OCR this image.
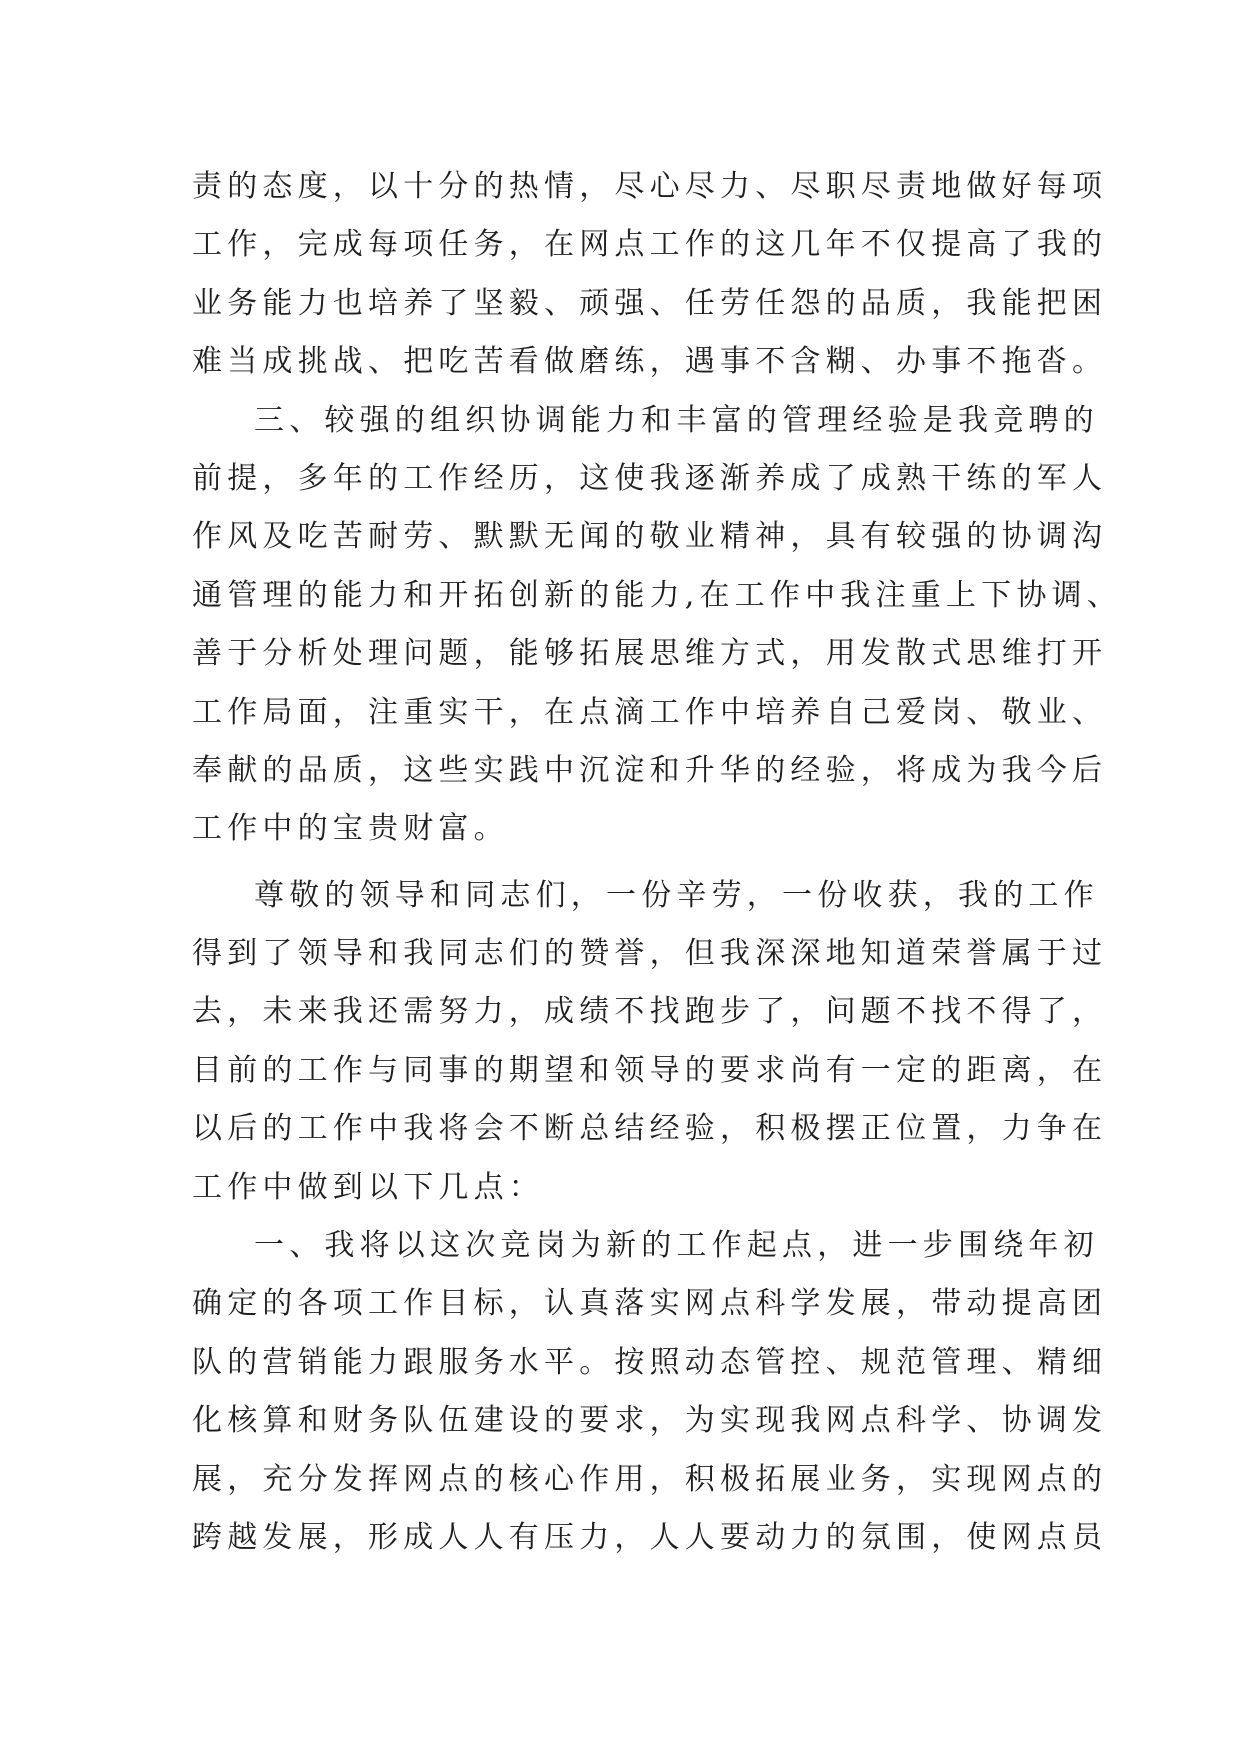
责的态度，以十分的热情，尽心尽力、尽职尽责地做好每项
工作，完成每项任务，在网点工作的这几年不仅提高了我的
业务能力也培养了坚毅、顽强、任劳任怨的品质，我能把困
难当成挑战、把吃苦看做磨练，遇事不含糊、办事不拖沓。
三、较强的组织协调能力和丰富的管理经验是我竞聘的
前提，多年的工作经历，这使我逐渐养成了成熟干练的军人
作风及吃苦耐劳、默默无闻的敬业精神，具有较强的协调沟
通管理的能力和开拓创新的能力,在工作中我注重上下协调、
善于分析处理问题，能够拓展思维方式，用发散式思维打开
工作局面，注重实干，在点滴工作中培养自己爱岗、敬业、
奉献的品质，这些实践中沉淀和升华的经验，将成为我今后
工作中的宝贵财富。
尊敬的领导和同志们，一份辛劳，一份收获，我的工作
得到了领导和我同志们的赞誉，但我深深地知道荣誉属于过
去，未来我还需努力，成绩不找跑步了，问题不找不得了，
目前的工作与同事的期望和领导的要求尚有一定的距离，在
以后的工作中我将会不断总结经验，积极摆正位置，力争在
工作中做到以下几点：
一、我将以这次竞岗为新的工作起点，进一步围绕年初
确定的各项工作目标，认真落实网点科学发展，带动提高团
队的营销能力跟服务水平。按照动态管控、规范管理、精细
化核算和财务队伍建设的要求，为实现我网点科学、协调发
展，充分发挥网点的核心作用，积极拓展业务，实现网点的
跨越发展，形成人人有压力，人人要动力的氛围，使网点员
